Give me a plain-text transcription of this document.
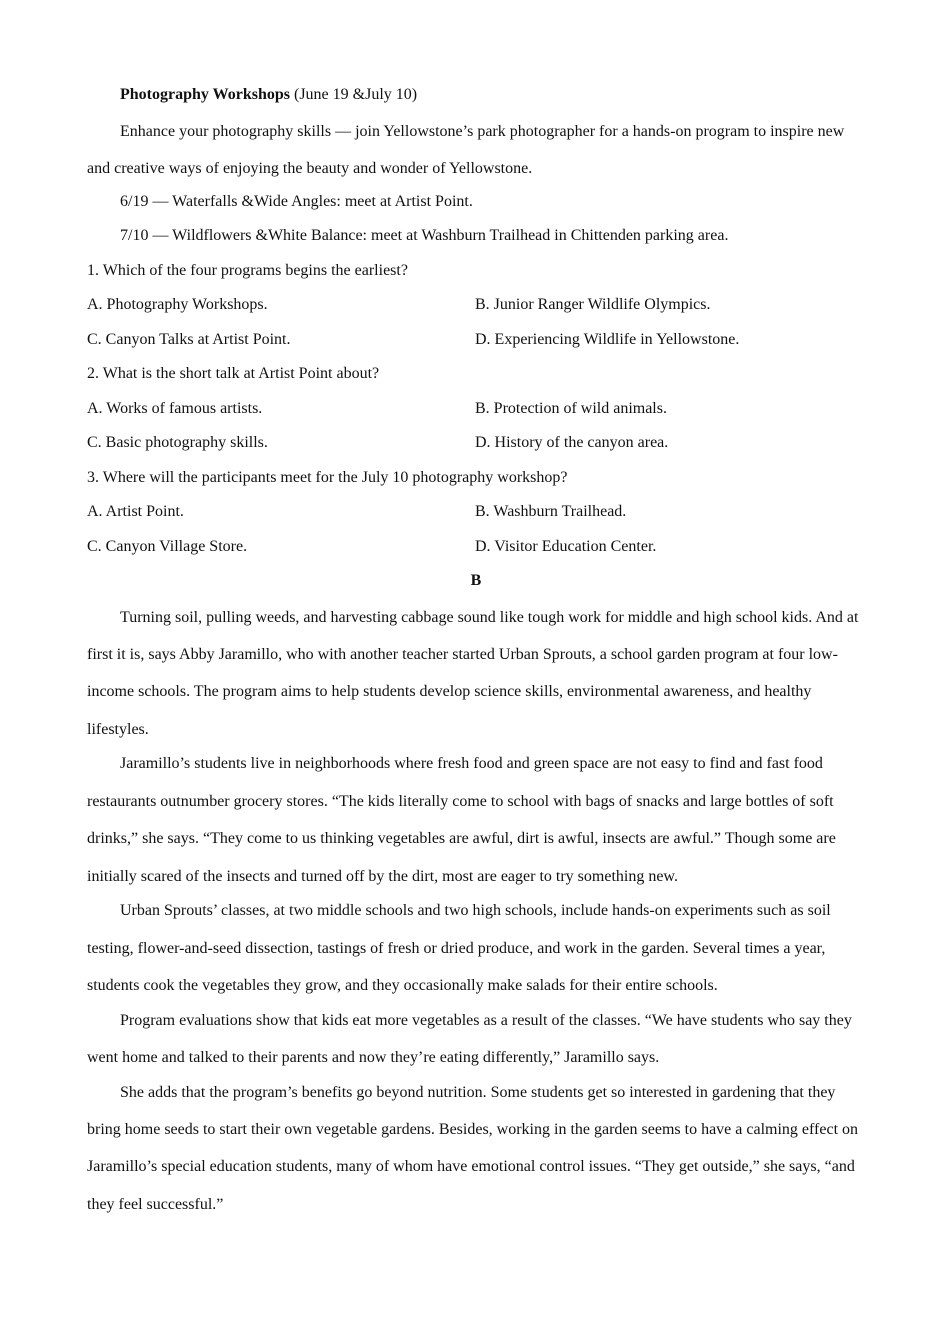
Photography Workshops (June 19 &July 10)

Enhance your photography skills — join Yellowstone’s park photographer for a hands-on program to inspire new and creative ways of enjoying the beauty and wonder of Yellowstone.

6/19 — Waterfalls &Wide Angles: meet at Artist Point.

7/10 — Wildflowers &White Balance: meet at Washburn Trailhead in Chittenden parking area.

1. Which of the four programs begins the earliest?

A. Photography Workshops.	B. Junior Ranger Wildlife Olympics.
C. Canyon Talks at Artist Point.	D. Experiencing Wildlife in Yellowstone.

2. What is the short talk at Artist Point about?

A. Works of famous artists.	B. Protection of wild animals.
C. Basic photography skills.	D. History of the canyon area.

3. Where will the participants meet for the July 10 photography workshop?

A. Artist Point.	B. Washburn Trailhead.
C. Canyon Village Store.	D. Visitor Education Center.

B

Turning soil, pulling weeds, and harvesting cabbage sound like tough work for middle and high school kids. And at first it is, says Abby Jaramillo, who with another teacher started Urban Sprouts, a school garden program at four low-income schools. The program aims to help students develop science skills, environmental awareness, and healthy lifestyles.

Jaramillo’s students live in neighborhoods where fresh food and green space are not easy to find and fast food restaurants outnumber grocery stores. “The kids literally come to school with bags of snacks and large bottles of soft drinks,” she says. “They come to us thinking vegetables are awful, dirt is awful, insects are awful.” Though some are initially scared of the insects and turned off by the dirt, most are eager to try something new.

Urban Sprouts’ classes, at two middle schools and two high schools, include hands-on experiments such as soil testing, flower-and-seed dissection, tastings of fresh or dried produce, and work in the garden. Several times a year, students cook the vegetables they grow, and they occasionally make salads for their entire schools.

Program evaluations show that kids eat more vegetables as a result of the classes. “We have students who say they went home and talked to their parents and now they’re eating differently,” Jaramillo says.

She adds that the program’s benefits go beyond nutrition. Some students get so interested in gardening that they bring home seeds to start their own vegetable gardens. Besides, working in the garden seems to have a calming effect on Jaramillo’s special education students, many of whom have emotional control issues. “They get outside,” she says, “and they feel successful.”
